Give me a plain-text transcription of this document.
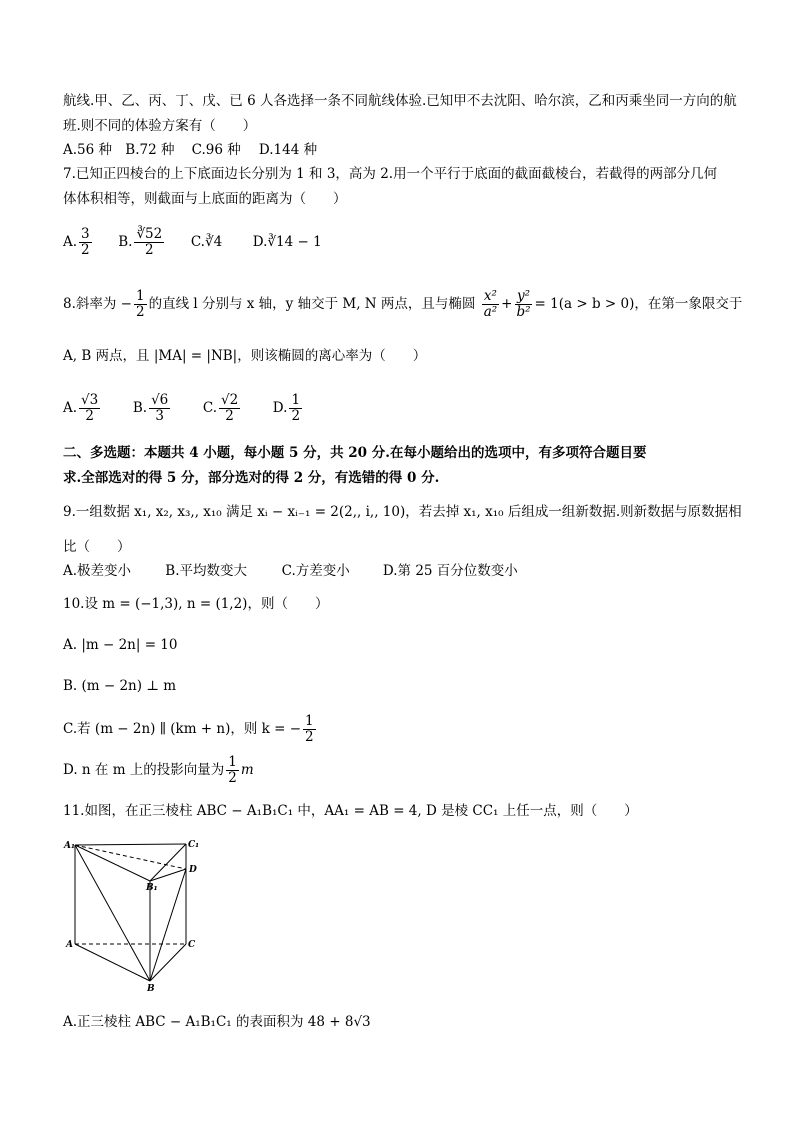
航线.甲、乙、丙、丁、戊、已 6 人各选择一条不同航线体验.已知甲不去沈阳、哈尔滨，乙和丙乘坐同一方向的航
班.则不同的体验方案有（　　）
A.56 种 B.72 种 C.96 种 D.144 种
7.已知正四棱台的上下底面边长分别为 1 和 3，高为 2.用一个平行于底面的截面截棱台，若截得的两部分几何
体体积相等，则截面与上底面的距离为（　　）
A. $\frac{3}{2} B$. $\frac{∛52}{2}$ C.∛4 D.∛14 − 1
8.斜率为 − $\frac{1}{2}$ 的直线 l 分别与 x 轴，y 轴交于 M, N 两点，且与椭圆 $\frac{\text{x²}}{\text{a²}} + \frac{\text{y²}}{\text{b²}} = 1(a > b > 0)$，在第一象限交于
A, B 两点，且 |MA| = |NB|，则该椭圆的离心率为（　　）
A. $\frac{√3}{2} B$. $\frac{√6}{3} C$. $\frac{√2}{2} D$. $\frac{1}{2}$
二、多选题：本题共 4 小题，每小题 5 分，共 20 分.在每小题给出的选项中，有多项符合题目要
求.全部选对的得 5 分，部分选对的得 2 分，有选错的得 0 分.
9.一组数据 x₁, x₂, x₃,, x₁₀ 满足 xᵢ − xᵢ₋₁ = 2(2,, i,, 10)，若去掉 x₁, x₁₀ 后组成一组新数据.则新数据与原数据相
比（　　）
A.极差变小	B.平均数变大	C.方差变小 D.第 25 百分位数变小
10.设 m = (−1,3), n = (1,2)，则（　　）
A. |m − 2n| = 10
B. (m − 2n) ⊥ m
C.若 (m − 2n) ∥ (km + n)，则 k = − $\frac{1}{2}$
D. n 在 m 上的投影向量为 $\frac{1}{2}$ m
11.如图，在正三棱柱 ABC − A₁B₁C₁ 中，AA₁ = AB = 4, D 是棱 CC₁ 上任一点，则（　　）
A₁	C₁
D
B₁
A	C
B
A.正三棱柱 ABC − A₁B₁C₁ 的表面积为 48 + 8√3
